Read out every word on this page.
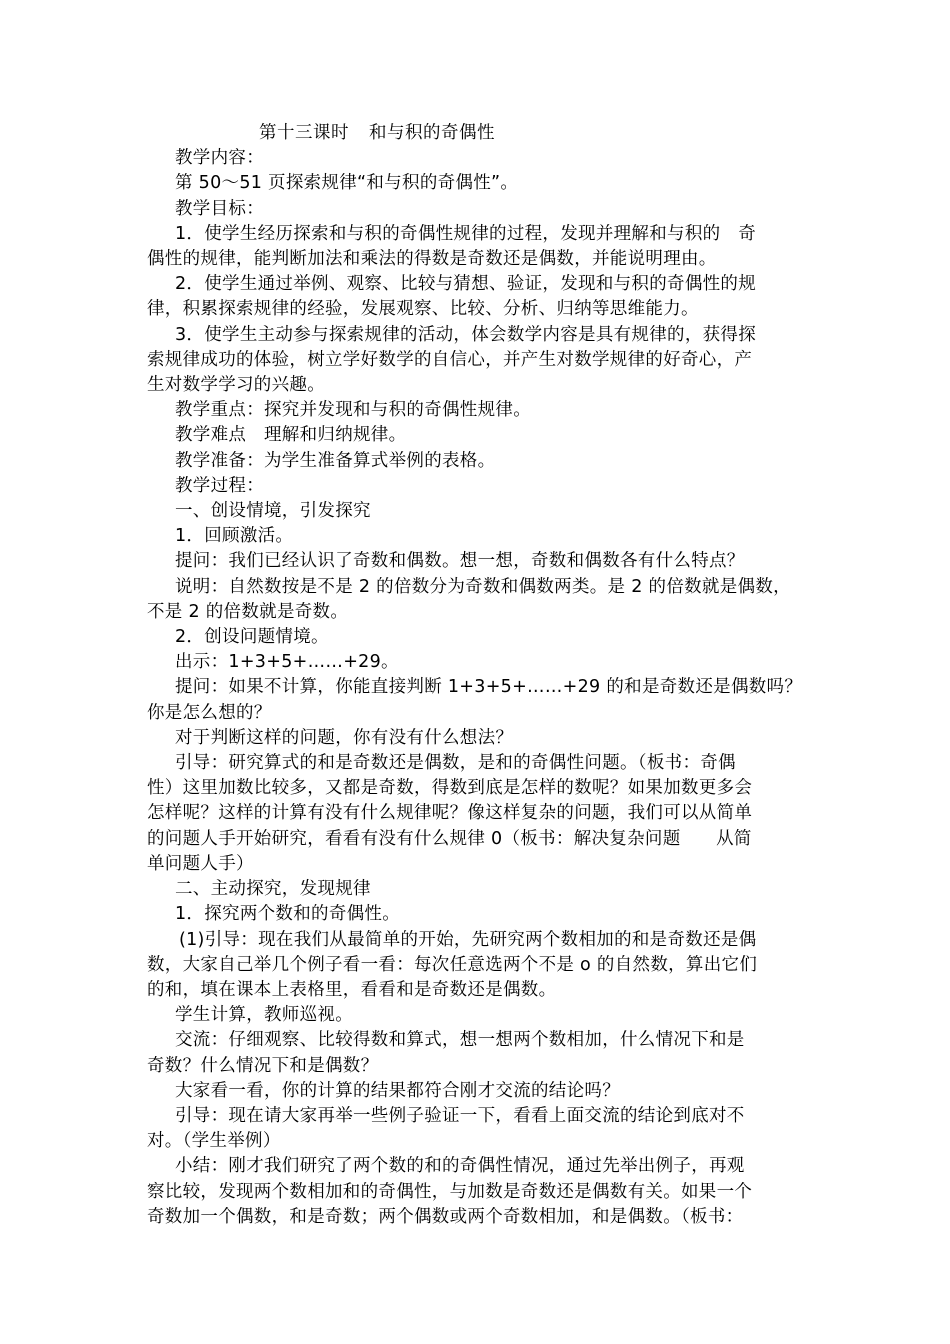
第十三课时 和与积的奇偶性
教学内容：
第 50～51 页探索规律“和与积的奇偶性”。
教学目标：
1．使学生经历探索和与积的奇偶性规律的过程，发现并理解和与积的　奇
偶性的规律，能判断加法和乘法的得数是奇数还是偶数，并能说明理由。
2．使学生通过举例、观察、比较与猜想、验证，发现和与积的奇偶性的规
律，积累探索规律的经验，发展观察、比较、分析、归纳等思维能力。
3．使学生主动参与探索规律的活动，体会数学内容是具有规律的，获得探
索规律成功的体验，树立学好数学的自信心，并产生对数学规律的好奇心，产
生对数学学习的兴趣。
教学重点：探究并发现和与积的奇偶性规律。
教学难点　理解和归纳规律。
教学准备：为学生准备算式举例的表格。
教学过程：
一、创设情境，引发探究
1．回顾激活。
提问：我们已经认识了奇数和偶数。想一想，奇数和偶数各有什么特点？
说明：自然数按是不是 2 的倍数分为奇数和偶数两类。是 2 的倍数就是偶数，
不是 2 的倍数就是奇数。
2．创设问题情境。
出示：1+3+5+……+29。
提问：如果不计算，你能直接判断 1+3+5+……+29 的和是奇数还是偶数吗？
你是怎么想的？
对于判断这样的问题，你有没有什么想法？
引导：研究算式的和是奇数还是偶数，是和的奇偶性问题。（板书：奇偶
性）这里加数比较多，又都是奇数，得数到底是怎样的数呢？如果加数更多会
怎样呢？这样的计算有没有什么规律呢？像这样复杂的问题，我们可以从简单
的问题人手开始研究，看看有没有什么规律 0（板书：解决复杂问题　　从简
单问题人手）
二、主动探究，发现规律
1．探究两个数和的奇偶性。
(1)引导：现在我们从最简单的开始，先研究两个数相加的和是奇数还是偶
数，大家自己举几个例子看一看：每次任意选两个不是 o 的自然数，算出它们
的和，填在课本上表格里，看看和是奇数还是偶数。
学生计算，教师巡视。
交流：仔细观察、比较得数和算式，想一想两个数相加，什么情况下和是
奇数？什么情况下和是偶数？
大家看一看，你的计算的结果都符合刚才交流的结论吗？
引导：现在请大家再举一些例子验证一下，看看上面交流的结论到底对不
对。（学生举例）
小结：刚才我们研究了两个数的和的奇偶性情况，通过先举出例子，再观
察比较，发现两个数相加和的奇偶性，与加数是奇数还是偶数有关。如果一个
奇数加一个偶数，和是奇数；两个偶数或两个奇数相加，和是偶数。（板书：
